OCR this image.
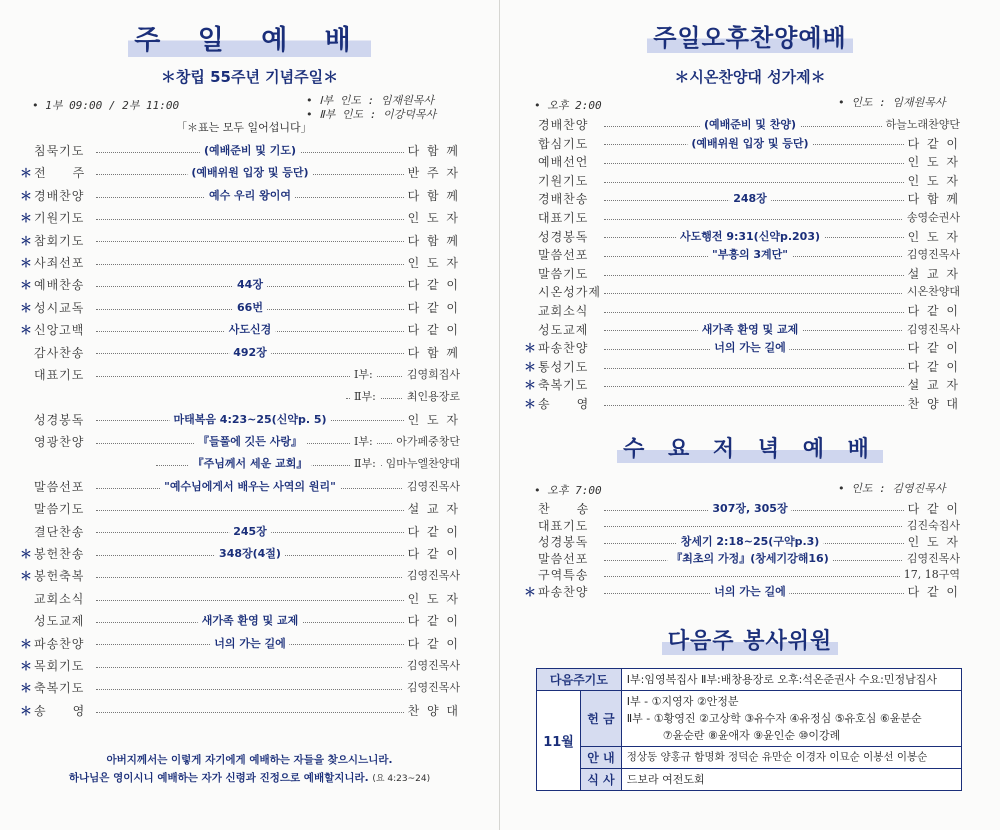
주 일 예 배
＊창립 55주년 기념주일＊
• 1부 09:00 / 2부 11:00	• Ⅰ부 인도 : 임재원목사
• Ⅱ부 인도 : 이강덕목사
「＊표는 모두 일어섭니다」
침묵기도	(예배준비 및 기도)	다 함 께
＊ 전　　주	(예배위원 입장 및 등단)	반 주 자
＊ 경배찬양	예수 우리 왕이여	다 함 께
＊ 기원기도	인 도 자
＊ 참회기도	다 함 께
＊ 사죄선포	인 도 자
＊ 예배찬송	44장	다 같 이
＊ 성시교독	66번	다 같 이
＊ 신앙고백	사도신경	다 같 이
감사찬송	492장	다 함 께
대표기도	Ⅰ부:	김영희집사
Ⅱ부:	최인용장로
성경봉독	마태복음 4:23~25(신약p. 5)	인 도 자
영광찬양	『들풀에 깃든 사랑』	Ⅰ부:	아가페중창단
『주님께서 세운 교회』	Ⅱ부: 임마누엘찬양대
말씀선포	"예수님에게서 배우는 사역의 원리"	김영진목사
말씀기도	설 교 자
결단찬송	245장	다 같 이
＊ 봉헌찬송	348장(4절)	다 같 이
＊ 봉헌축복	김영진목사
교회소식	인 도 자
성도교제	새가족 환영 및 교제	다 같 이
＊ 파송찬양	너의 가는 길에	다 같 이
＊ 목회기도	김영진목사
＊ 축복기도	김영진목사
＊ 송　　영	찬 양 대
아버지께서는 이렇게 자기에게 예배하는 자들을 찾으시느니라.
하나님은 영이시니 예배하는 자가 신령과 진정으로 예배할지니라. (요 4:23~24)
주일오후찬양예배
＊시온찬양대 성가제＊
• 오후 2:00	• 인도 : 임재원목사
경배찬양	(예배준비 및 찬양)	하늘노래찬양단
합심기도	(예배위원 입장 및 등단)	다 같 이
예배선언	인 도 자
기원기도	인 도 자
경배찬송	248장	다 함 께
대표기도	송영순권사
성경봉독	사도행전 9:31(신약p.203)	인 도 자
말씀선포	"부흥의 3계단"	김영진목사
말씀기도	설 교 자
시온성가제	시온찬양대
교회소식	다 같 이
성도교제	새가족 환영 및 교제	김영진목사
＊ 파송찬양	너의 가는 길에	다 같 이
＊ 통성기도	다 같 이
＊ 축복기도	설 교 자
＊ 송　　영	찬 양 대
수 요 저 녁 예 배
• 오후 7:00	• 인도 : 김영진목사
찬　　송	307장, 305장	다 같 이
대표기도	김진숙집사
성경봉독	창세기 2:18~25(구약p.3)	인 도 자
말씀선포	『최초의 가정』(창세기강해16)	김영진목사
구역특송	17, 18구역
＊ 파송찬양	너의 가는 길에	다 같 이
다음주 봉사위원
다음주기도		Ⅰ부:임영복집사 Ⅱ부:배창용장로 오후:석온준권사 수요:민정남집사
11월	헌 금	Ⅰ부 - ①지영자 ②안정분
Ⅱ부 - ①황영진 ②고상학 ③유수자 ④유정심 ⑤유호심 ⑥윤분순
⑦윤순란 ⑧윤애자 ⑨윤인순 ⑩이강례

	안 내	정상동 양홍규 함명화 정덕순 유만순 이경자 이묘순 이봉선 이봉순
	식 사	드보라 여전도회
